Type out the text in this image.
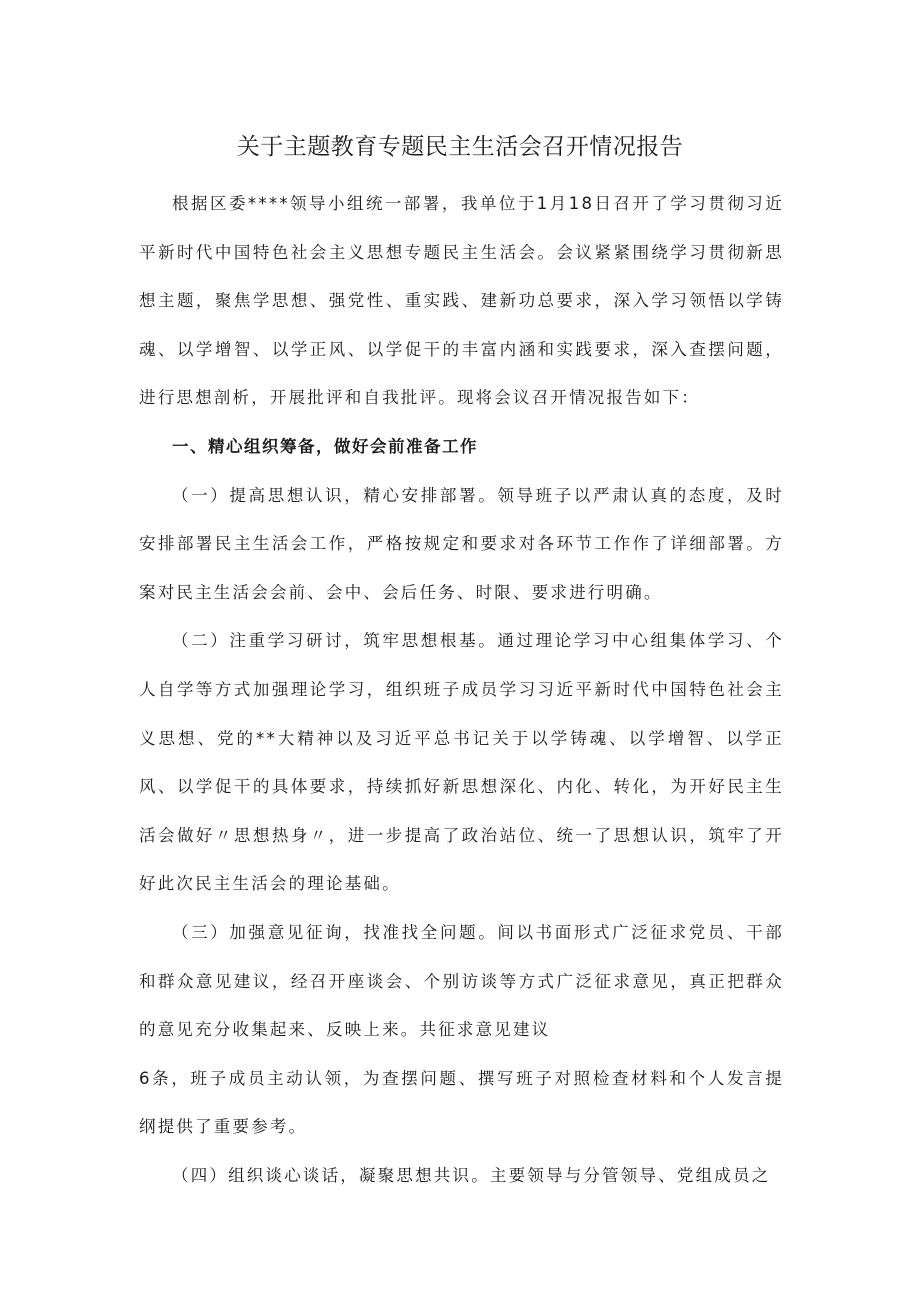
关于主题教育专题民主生活会召开情况报告

根据区委****领导小组统一部署，我单位于1月18日召开了学习贯彻习近平新时代中国特色社会主义思想专题民主生活会。会议紧紧围绕学习贯彻新思想主题，聚焦学思想、强党性、重实践、建新功总要求，深入学习领悟以学铸魂、以学增智、以学正风、以学促干的丰富内涵和实践要求，深入查摆问题，进行思想剖析，开展批评和自我批评。现将会议召开情况报告如下：

一、精心组织筹备，做好会前准备工作

（一）提高思想认识，精心安排部署。领导班子以严肃认真的态度，及时安排部署民主生活会工作，严格按规定和要求对各环节工作作了详细部署。方案对民主生活会会前、会中、会后任务、时限、要求进行明确。

（二）注重学习研讨，筑牢思想根基。通过理论学习中心组集体学习、个人自学等方式加强理论学习，组织班子成员学习习近平新时代中国特色社会主义思想、党的**大精神以及习近平总书记关于以学铸魂、以学增智、以学正风、以学促干的具体要求，持续抓好新思想深化、内化、转化，为开好民主生活会做好〃思想热身〃，进一步提高了政治站位、统一了思想认识，筑牢了开好此次民主生活会的理论基础。

（三）加强意见征询，找准找全问题。间以书面形式广泛征求党员、干部和群众意见建议，经召开座谈会、个别访谈等方式广泛征求意见，真正把群众的意见充分收集起来、反映上来。共征求意见建议

6条，班子成员主动认领，为查摆问题、撰写班子对照检查材料和个人发言提纲提供了重要参考。

（四）组织谈心谈话，凝聚思想共识。主要领导与分管领导、党组成员之
